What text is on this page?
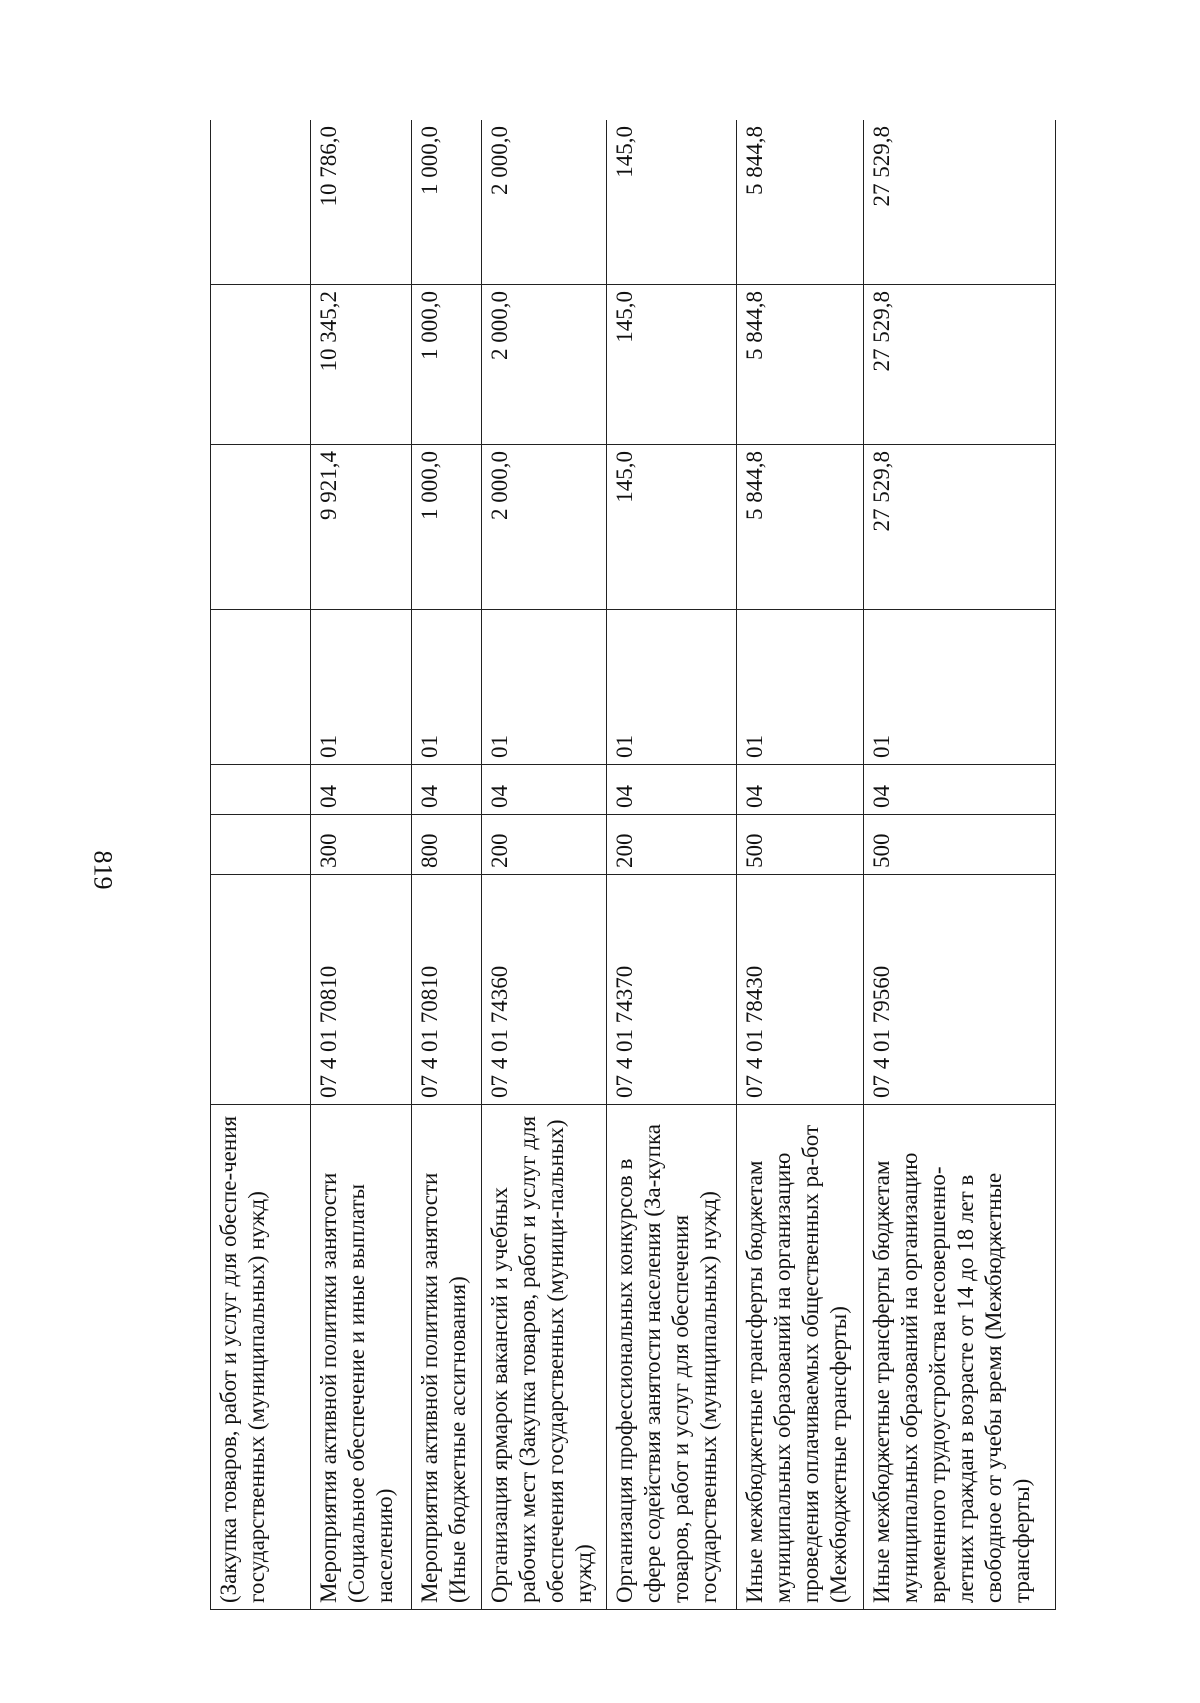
819
(Закупка товаров, работ и услуг для обеспе-чения государственных (муниципальных) нужд)							
Мероприятия активной политики занятости (Социальное обеспечение и иные выплаты населению)	07 4 01 70810	300	04	01	9 921,4	10 345,2	10 786,0
Мероприятия активной политики занятости (Иные бюджетные ассигнования)	07 4 01 70810	800	04	01	1 000,0	1 000,0	1 000,0
Организация ярмарок вакансий и учебных рабочих мест (Закупка товаров, работ и услуг для обеспечения государственных (муници-пальных) нужд)	07 4 01 74360	200	04	01	2 000,0	2 000,0	2 000,0
Организация профессиональных конкурсов в сфере содействия занятости населения (За-купка товаров, работ и услуг для обеспечения государственных (муниципальных) нужд)	07 4 01 74370	200	04	01	145,0	145,0	145,0
Иные межбюджетные трансферты бюджетам муниципальных образований на организацию проведения оплачиваемых общественных ра-бот (Межбюджетные трансферты)	07 4 01 78430	500	04	01	5 844,8	5 844,8	5 844,8
Иные межбюджетные трансферты бюджетам муниципальных образований на организацию временного трудоустройства несовершенно-летних граждан в возрасте от 14 до 18 лет в свободное от учебы время (Межбюджетные трансферты)	07 4 01 79560	500	04	01	27 529,8	27 529,8	27 529,8
